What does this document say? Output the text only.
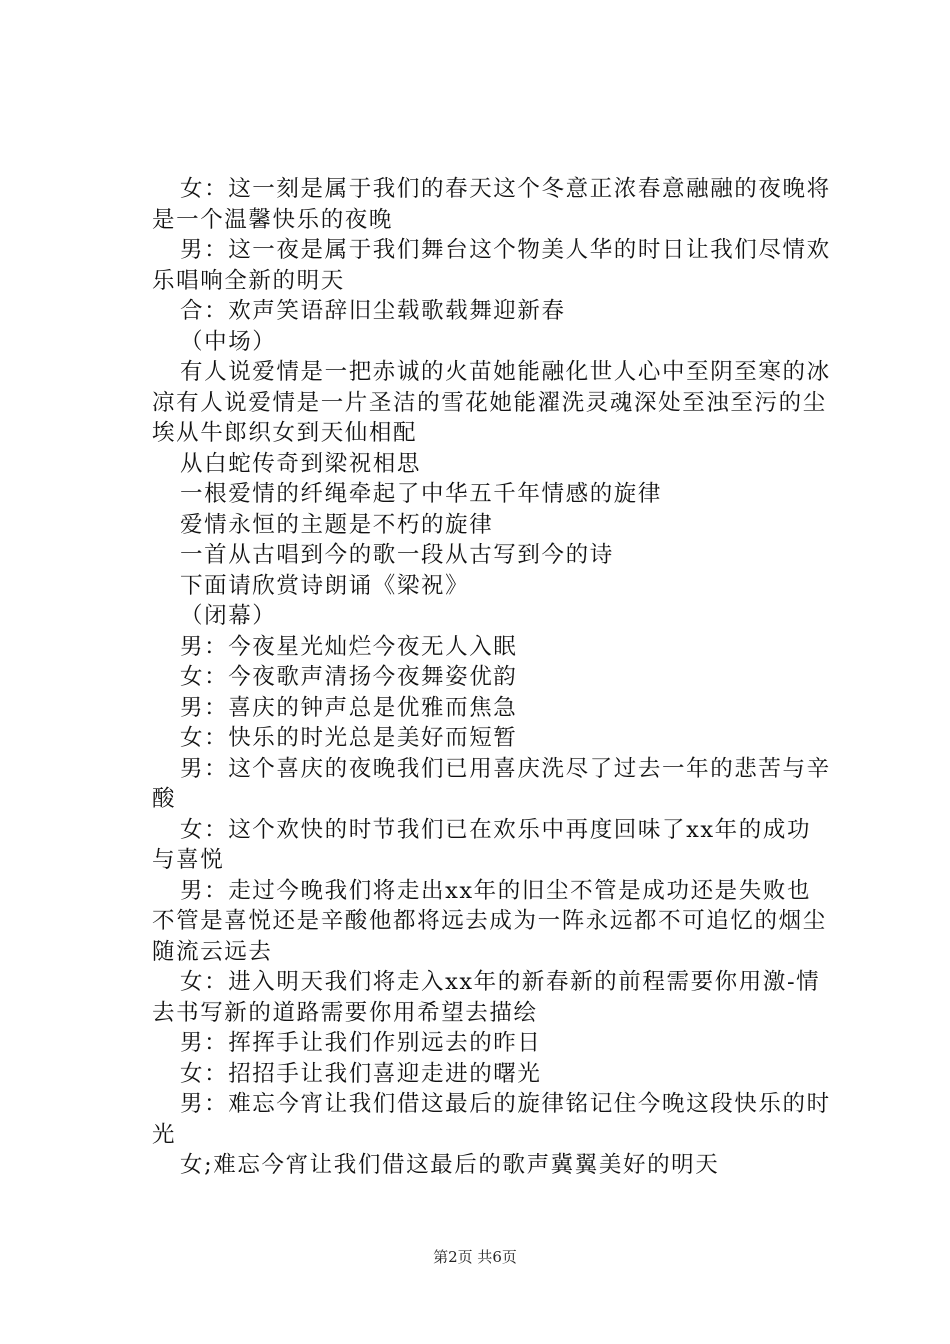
女：这一刻是属于我们的春天这个冬意正浓春意融融的夜晚将是一个温馨快乐的夜晚

男：这一夜是属于我们舞台这个物美人华的时日让我们尽情欢乐唱响全新的明天

合：欢声笑语辞旧尘载歌载舞迎新春

（中场）

有人说爱情是一把赤诚的火苗她能融化世人心中至阴至寒的冰凉有人说爱情是一片圣洁的雪花她能濯洗灵魂深处至浊至污的尘埃从牛郎织女到天仙相配

从白蛇传奇到梁祝相思

一根爱情的纤绳牵起了中华五千年情感的旋律

爱情永恒的主题是不朽的旋律

一首从古唱到今的歌一段从古写到今的诗

下面请欣赏诗朗诵《梁祝》

（闭幕）

男：今夜星光灿烂今夜无人入眠

女：今夜歌声清扬今夜舞姿优韵

男：喜庆的钟声总是优雅而焦急

女：快乐的时光总是美好而短暂

男：这个喜庆的夜晚我们已用喜庆洗尽了过去一年的悲苦与辛酸

女：这个欢快的时节我们已在欢乐中再度回味了xx年的成功与喜悦

男：走过今晚我们将走出xx年的旧尘不管是成功还是失败也不管是喜悦还是辛酸他都将远去成为一阵永远都不可追忆的烟尘随流云远去

女：进入明天我们将走入xx年的新春新的前程需要你用激-情去书写新的道路需要你用希望去描绘

男：挥挥手让我们作别远去的昨日

女：招招手让我们喜迎走进的曙光

男：难忘今宵让我们借这最后的旋律铭记住今晚这段快乐的时光

女;难忘今宵让我们借这最后的歌声冀翼美好的明天

第2页 共6页
